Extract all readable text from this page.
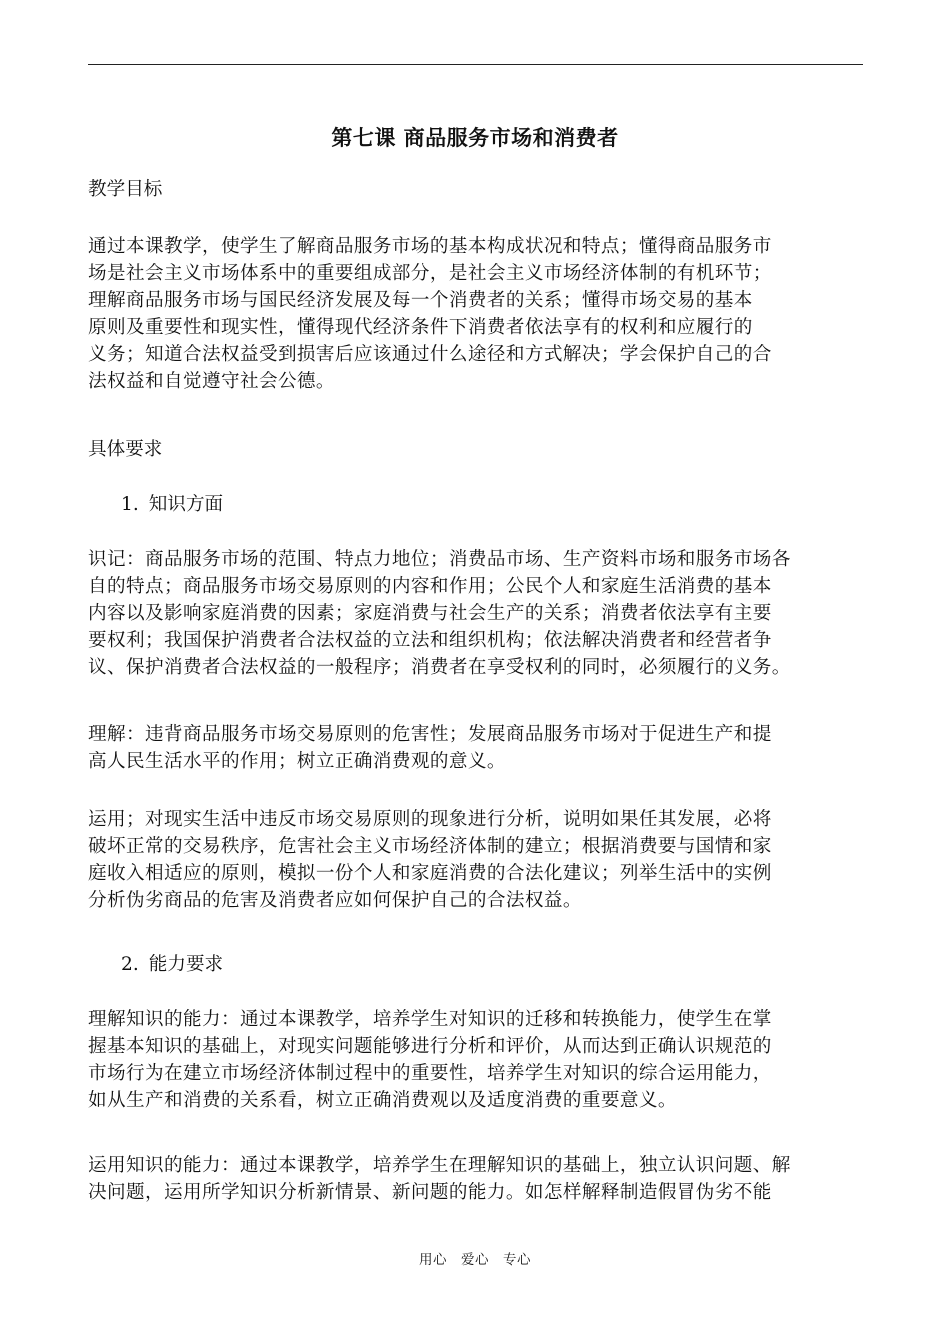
第七课 商品服务市场和消费者
教学目标
通过本课教学，使学生了解商品服务市场的基本构成状况和特点；懂得商品服务市
场是社会主义市场体系中的重要组成部分，是社会主义市场经济体制的有机环节；
理解商品服务市场与国民经济发展及每一个消费者的关系；懂得市场交易的基本
原则及重要性和现实性，懂得现代经济条件下消费者依法享有的权利和应履行的
义务；知道合法权益受到损害后应该通过什么途径和方式解决；学会保护自己的合
法权益和自觉遵守社会公德。
具体要求
1. 知识方面
识记：商品服务市场的范围、特点力地位；消费品市场、生产资料市场和服务市场各
自的特点；商品服务市场交易原则的内容和作用；公民个人和家庭生活消费的基本
内容以及影响家庭消费的因素；家庭消费与社会生产的关系；消费者依法享有主要
要权利；我国保护消费者合法权益的立法和组织机构；依法解决消费者和经营者争
议、保护消费者合法权益的一般程序；消费者在享受权利的同时，必须履行的义务。
理解：违背商品服务市场交易原则的危害性；发展商品服务市场对于促进生产和提
高人民生活水平的作用；树立正确消费观的意义。
运用；对现实生活中违反市场交易原则的现象进行分析，说明如果任其发展，必将
破坏正常的交易秩序，危害社会主义市场经济体制的建立；根据消费要与国情和家
庭收入相适应的原则，模拟一份个人和家庭消费的合法化建议；列举生活中的实例
分析伪劣商品的危害及消费者应如何保护自己的合法权益。
2. 能力要求
理解知识的能力：通过本课教学，培养学生对知识的迁移和转换能力，使学生在掌
握基本知识的基础上，对现实问题能够进行分析和评价，从而达到正确认识规范的
市场行为在建立市场经济体制过程中的重要性，培养学生对知识的综合运用能力，
如从生产和消费的关系看，树立正确消费观以及适度消费的重要意义。
运用知识的能力：通过本课教学，培养学生在理解知识的基础上，独立认识问题、解
决问题，运用所学知识分析新情景、新问题的能力。如怎样解释制造假冒伪劣不能
用心　爱心　专心
